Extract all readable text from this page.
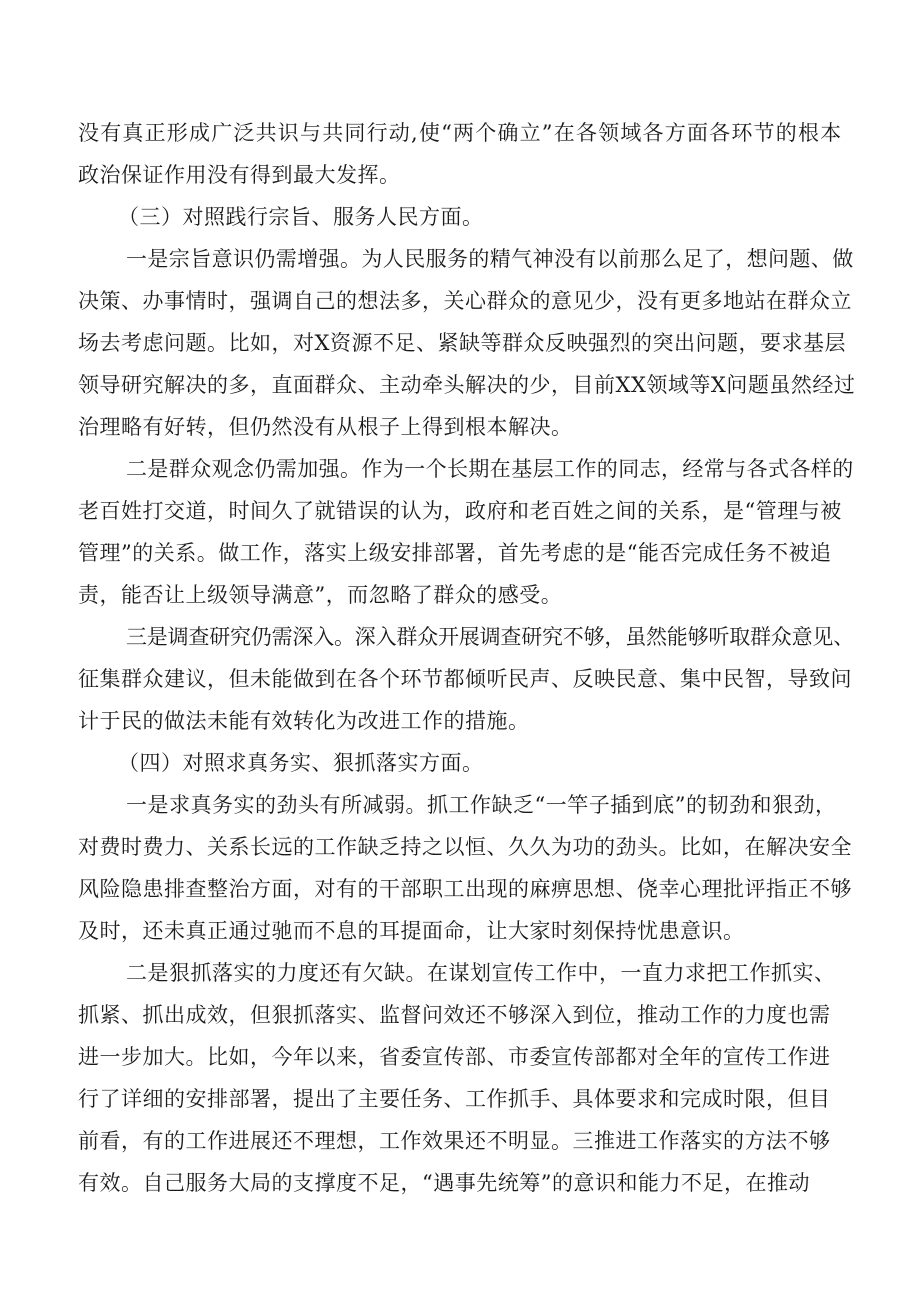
没有真正形成广泛共识与共同行动,使“两个确立”在各领域各方面各环节的根本
政治保证作用没有得到最大发挥。
（三）对照践行宗旨、服务人民方面。
一是宗旨意识仍需增强。为人民服务的精气神没有以前那么足了，想问题、做
决策、办事情时，强调自己的想法多，关心群众的意见少，没有更多地站在群众立
场去考虑问题。比如，对X资源不足、紧缺等群众反映强烈的突出问题，要求基层
领导研究解决的多，直面群众、主动牵头解决的少，目前XX领域等X问题虽然经过
治理略有好转，但仍然没有从根子上得到根本解决。
二是群众观念仍需加强。作为一个长期在基层工作的同志，经常与各式各样的
老百姓打交道，时间久了就错误的认为，政府和老百姓之间的关系，是“管理与被
管理”的关系。做工作，落实上级安排部署，首先考虑的是“能否完成任务不被追
责，能否让上级领导满意”，而忽略了群众的感受。
三是调查研究仍需深入。深入群众开展调查研究不够，虽然能够听取群众意见、
征集群众建议，但未能做到在各个环节都倾听民声、反映民意、集中民智，导致问
计于民的做法未能有效转化为改进工作的措施。
（四）对照求真务实、狠抓落实方面。
一是求真务实的劲头有所减弱。抓工作缺乏“一竿子插到底”的韧劲和狠劲，
对费时费力、关系长远的工作缺乏持之以恒、久久为功的劲头。比如，在解决安全
风险隐患排查整治方面，对有的干部职工出现的麻痹思想、侥幸心理批评指正不够
及时，还未真正通过驰而不息的耳提面命，让大家时刻保持忧患意识。
二是狠抓落实的力度还有欠缺。在谋划宣传工作中，一直力求把工作抓实、
抓紧、抓出成效，但狠抓落实、监督问效还不够深入到位，推动工作的力度也需
进一步加大。比如，今年以来，省委宣传部、市委宣传部都对全年的宣传工作进
行了详细的安排部署，提出了主要任务、工作抓手、具体要求和完成时限，但目
前看，有的工作进展还不理想，工作效果还不明显。三推进工作落实的方法不够
有效。自己服务大局的支撑度不足，“遇事先统筹”的意识和能力不足，在推动
